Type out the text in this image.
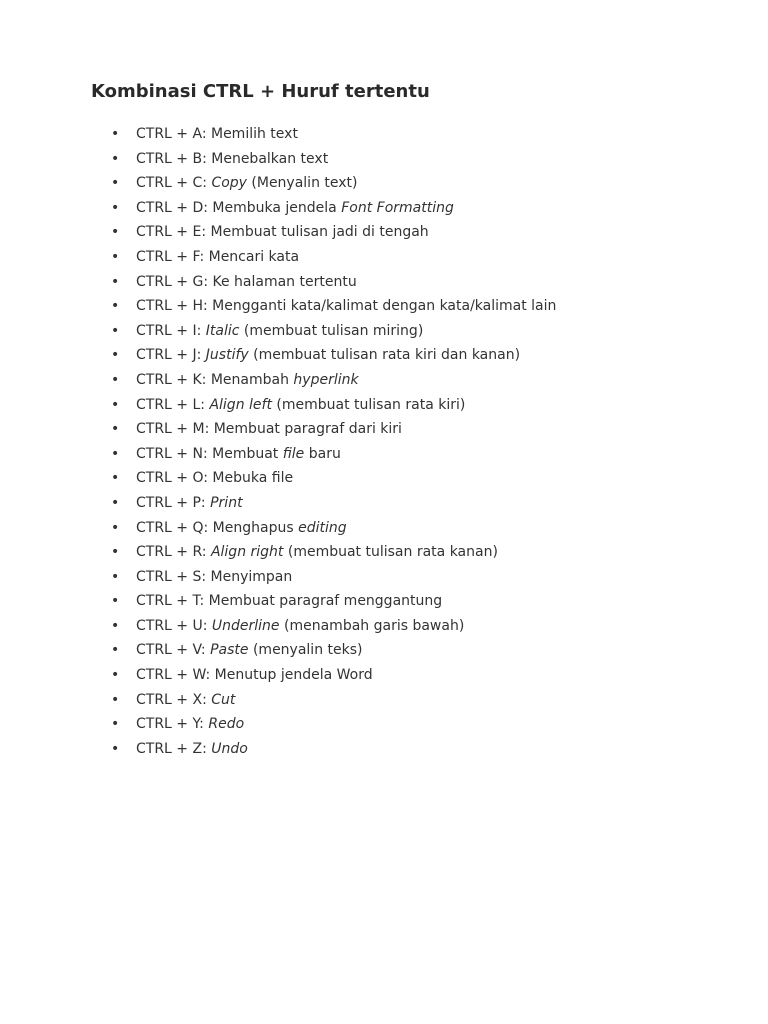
Kombinasi CTRL + Huruf tertentu
• CTRL + A: Memilih text
• CTRL + B: Menebalkan text
• CTRL + C: Copy (Menyalin text)
• CTRL + D: Membuka jendela Font Formatting
• CTRL + E: Membuat tulisan jadi di tengah
• CTRL + F: Mencari kata
• CTRL + G: Ke halaman tertentu
• CTRL + H: Mengganti kata/kalimat dengan kata/kalimat lain
• CTRL + I: Italic (membuat tulisan miring)
• CTRL + J: Justify (membuat tulisan rata kiri dan kanan)
• CTRL + K: Menambah hyperlink
• CTRL + L: Align left (membuat tulisan rata kiri)
• CTRL + M: Membuat paragraf dari kiri
• CTRL + N: Membuat file baru
• CTRL + O: Mebuka file
• CTRL + P: Print
• CTRL + Q: Menghapus editing
• CTRL + R: Align right (membuat tulisan rata kanan)
• CTRL + S: Menyimpan
• CTRL + T: Membuat paragraf menggantung
• CTRL + U: Underline (menambah garis bawah)
• CTRL + V: Paste (menyalin teks)
• CTRL + W: Menutup jendela Word
• CTRL + X: Cut
• CTRL + Y: Redo
• CTRL + Z: Undo
